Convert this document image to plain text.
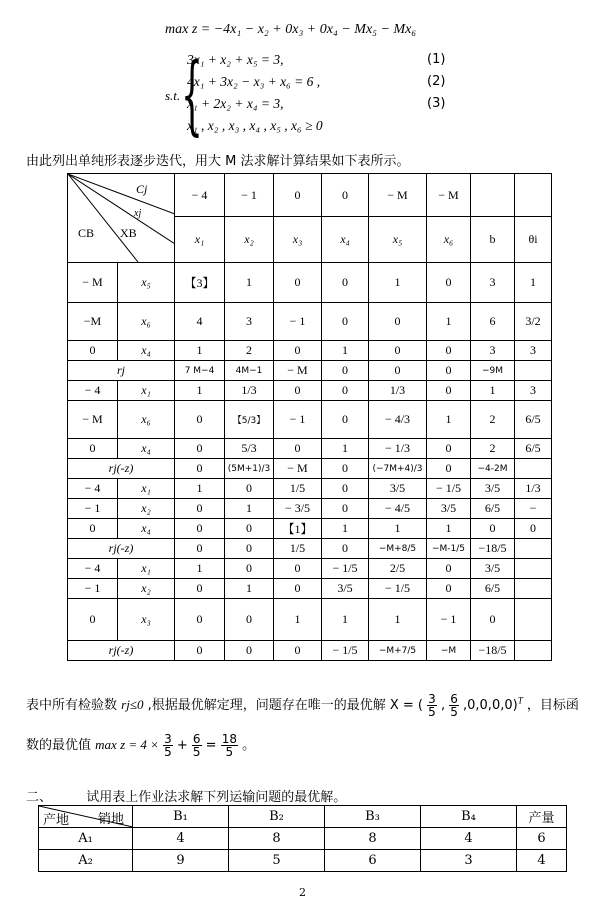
max z = −4x₁ − x₂ + 0x₃ + 0x₄ − Mx₅ − Mx₆
s.t. {
3x₁ + x₂ + x₅ = 3,	(1)
4x₁ + 3x₂ − x₃ + x₆ = 6 ,	(2)
x₁ + 2x₂ + x₄ = 3,	(3)
x₁ , x₂ , x₃ , x₄ , x₅ , x₆ ≥ 0

由此列出单纯形表逐步迭代，用大 M 法求解计算结果如下表所示。

Cj
xj
CB XB		− 4	− 1	0	0	− M	− M		
		x₁	x₂	x₃	x₄	x₅	x₆	b	θi
− M	x₅	【3】	1	0	0	1	0	3	1
−M	x₆	4	3	− 1	0	0	1	6	3/2
0	x₄	1	2	0	1	0	0	3	3
rj		7 M−4	4M−1	− M	0	0	0	−9M	
− 4	x₁	1	1/3	0	0	1/3	0	1	3
− M	x₆	0	【5/3】	− 1	0	− 4/3	1	2	6/5
0	x₄	0	5/3	0	1	− 1/3	0	2	6/5
rj(-z)		0	(5M+1)/3	− M	0	(−7M+4)/3	0	−4-2M	
− 4	x₁	1	0	1/5	0	3/5	− 1/5	3/5	1/3
− 1	x₂	0	1	− 3/5	0	− 4/5	3/5	6/5	−
0	x₄	0	0	【1】	1	1	1	0	0
rj(-z)		0	0	1/5	0	−M+8/5	−M-1/5	−18/5	
− 4	x₁	1	0	0	− 1/5	2/5	0	3/5	
− 1	x₂	0	1	0	3/5	− 1/5	0	6/5	
0	x₃	0	0	1	1	1	− 1	0	
rj(-z)		0	0	0	− 1/5	−M+7/5	−M	−18/5	

表中所有检验数 rj≤0 ,根据最优解定理，问题存在唯一的最优解 X = ( $\frac{3}{5}$ , $\frac{6}{5} ,0,0,0,0)^T$ ，目标函

数的最优值 $\max z = 4 \times \frac{3}{5} + \frac{6}{5} = \frac{18}{5}$ 。

二、	试用表上作业法求解下列运输问题的最优解。

产地 销地	B₁	B₂	B₃	B₄	产量
A₁	4	8	8	4	6
A₂	9	5	6	3	4
2
